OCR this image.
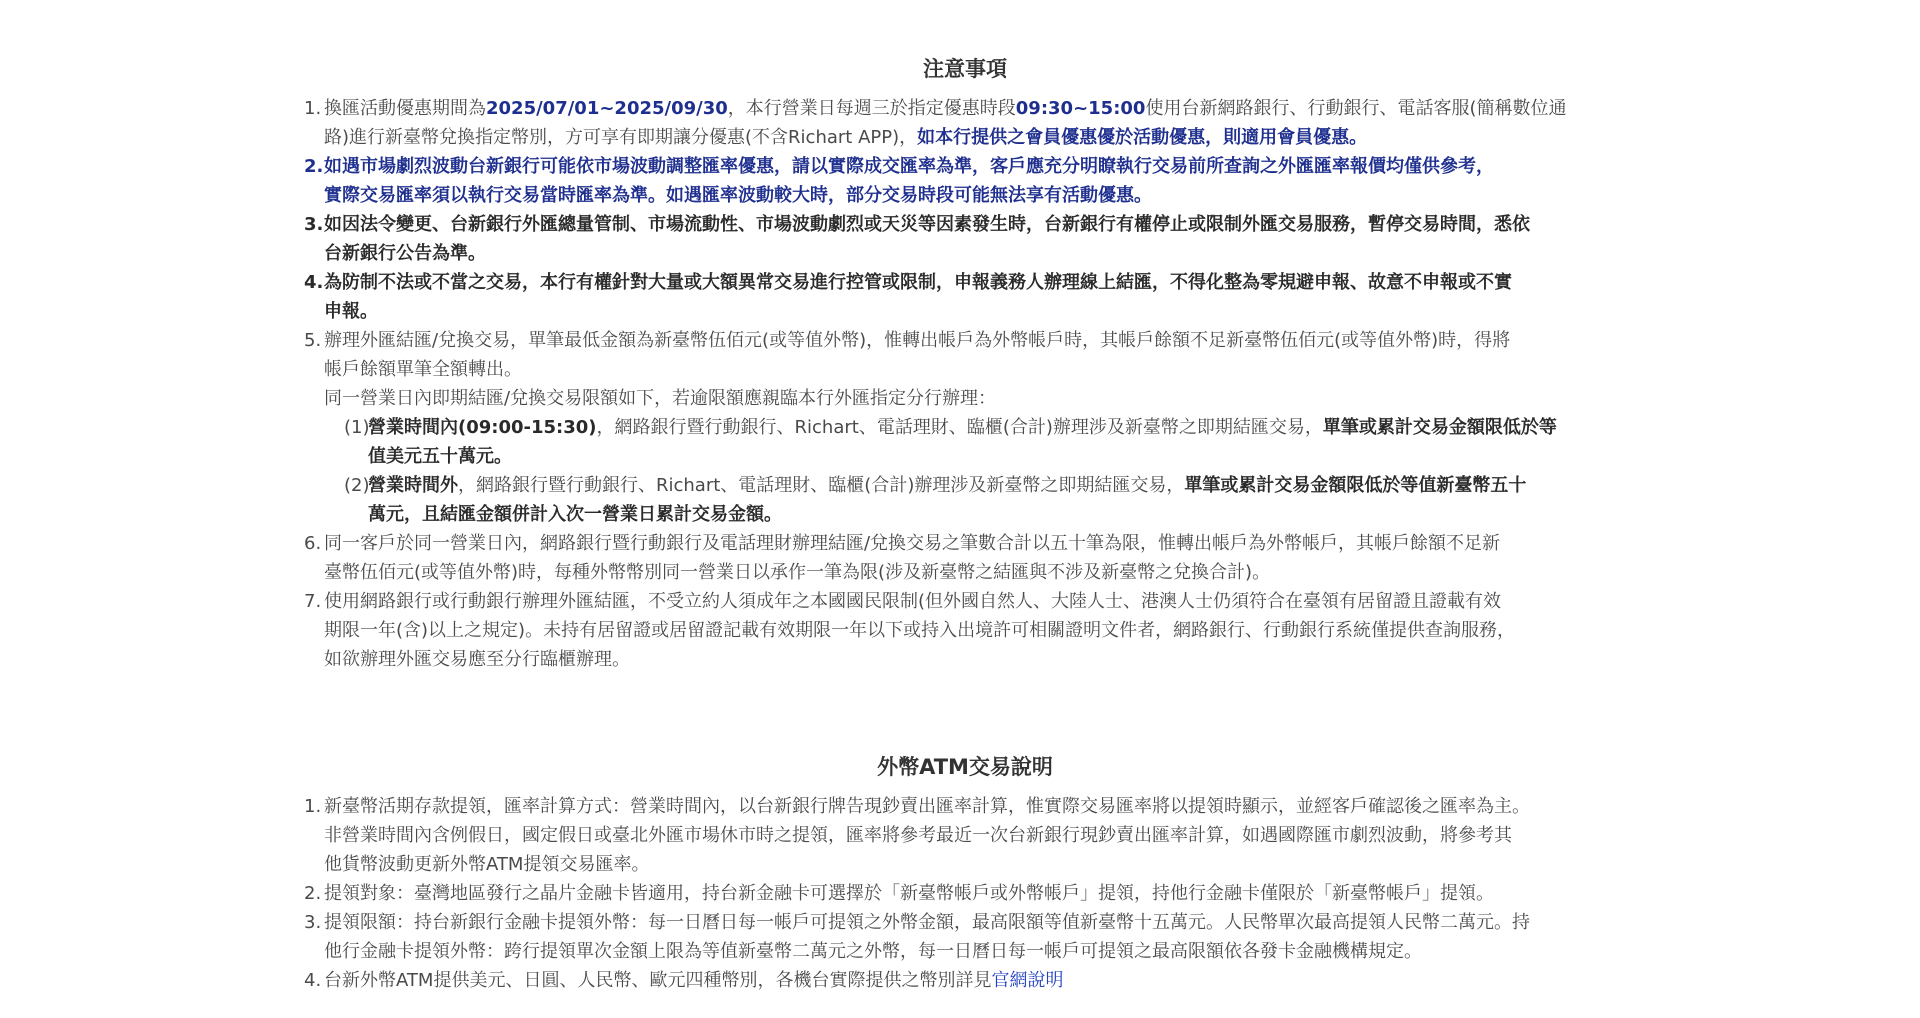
注意事項
1. 換匯活動優惠期間為2025/07/01~2025/09/30，本行營業日每週三於指定優惠時段09:30~15:00使用台新網路銀行、行動銀行、電話客服(簡稱數位通
路)進行新臺幣兌換指定幣別，方可享有即期讓分優惠(不含Richart APP)，如本行提供之會員優惠優於活動優惠，則適用會員優惠。
2. 如遇市場劇烈波動台新銀行可能依市場波動調整匯率優惠，請以實際成交匯率為準，客戶應充分明瞭執行交易前所查詢之外匯匯率報價均僅供參考，
實際交易匯率須以執行交易當時匯率為準。如遇匯率波動較大時，部分交易時段可能無法享有活動優惠。
3. 如因法令變更、台新銀行外匯總量管制、市場流動性、市場波動劇烈或天災等因素發生時，台新銀行有權停止或限制外匯交易服務，暫停交易時間，悉依
台新銀行公告為準。
4. 為防制不法或不當之交易，本行有權針對大量或大額異常交易進行控管或限制，申報義務人辦理線上結匯，不得化整為零規避申報、故意不申報或不實
申報。
5. 辦理外匯結匯/兌換交易，單筆最低金額為新臺幣伍佰元(或等值外幣)，惟轉出帳戶為外幣帳戶時，其帳戶餘額不足新臺幣伍佰元(或等值外幣)時，得將
帳戶餘額單筆全額轉出。
同一營業日內即期結匯/兌換交易限額如下，若逾限額應親臨本行外匯指定分行辦理：
(1)
營業時間內(09:00-15:30)，網路銀行暨行動銀行、Richart、電話理財、臨櫃(合計)辦理涉及新臺幣之即期結匯交易，單筆或累計交易金額限低於等
值美元五十萬元。
(2)
營業時間外，網路銀行暨行動銀行、Richart、電話理財、臨櫃(合計)辦理涉及新臺幣之即期結匯交易，單筆或累計交易金額限低於等值新臺幣五十
萬元，且結匯金額併計入次一營業日累計交易金額。
6. 同一客戶於同一營業日內，網路銀行暨行動銀行及電話理財辦理結匯/兌換交易之筆數合計以五十筆為限，惟轉出帳戶為外幣帳戶，其帳戶餘額不足新
臺幣伍佰元(或等值外幣)時，每種外幣幣別同一營業日以承作一筆為限(涉及新臺幣之結匯與不涉及新臺幣之兌換合計)。
7. 使用網路銀行或行動銀行辦理外匯結匯，不受立約人須成年之本國國民限制(但外國自然人、大陸人士、港澳人士仍須符合在臺領有居留證且證載有效
期限一年(含)以上之規定)。未持有居留證或居留證記載有效期限一年以下或持入出境許可相關證明文件者，網路銀行、行動銀行系統僅提供查詢服務，
如欲辦理外匯交易應至分行臨櫃辦理。
外幣ATM交易說明
1. 新臺幣活期存款提領，匯率計算方式：營業時間內，以台新銀行牌告現鈔賣出匯率計算，惟實際交易匯率將以提領時顯示，並經客戶確認後之匯率為主。
非營業時間內含例假日，國定假日或臺北外匯市場休市時之提領，匯率將參考最近一次台新銀行現鈔賣出匯率計算，如遇國際匯市劇烈波動，將參考其
他貨幣波動更新外幣ATM提領交易匯率。
2. 提領對象：臺灣地區發行之晶片金融卡皆適用，持台新金融卡可選擇於「新臺幣帳戶或外幣帳戶」提領，持他行金融卡僅限於「新臺幣帳戶」提領。
3. 提領限額：持台新銀行金融卡提領外幣：每一日曆日每一帳戶可提領之外幣金額，最高限額等值新臺幣十五萬元。人民幣單次最高提領人民幣二萬元。持
他行金融卡提領外幣：跨行提領單次金額上限為等值新臺幣二萬元之外幣，每一日曆日每一帳戶可提領之最高限額依各發卡金融機構規定。
4. 台新外幣ATM提供美元、日圓、人民幣、歐元四種幣別，各機台實際提供之幣別詳見官網說明
